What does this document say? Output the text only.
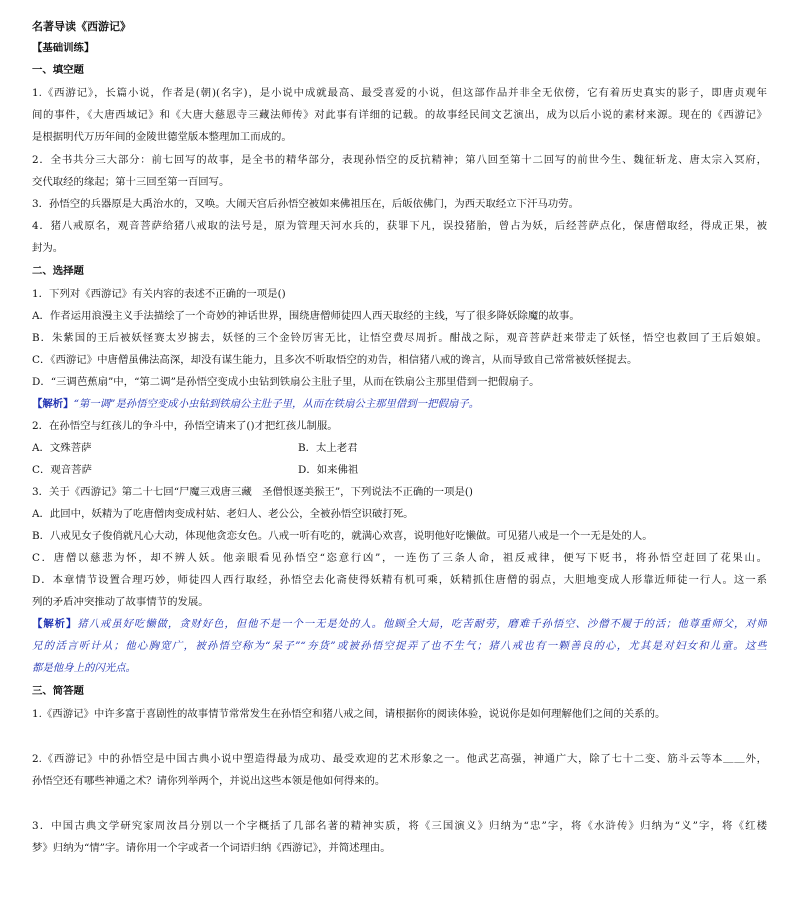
名著导读《西游记》
【基础训练】
一、填空题
1.《西游记》，长篇小说，作者是(朝)(名字)，是小说中成就最高、最受喜爱的小说，但这部作品并非全无依傍，它有着历史真实的影子，即唐贞观年
间的事件，《大唐西域记》和《大唐大慈恩寺三藏法师传》对此事有详细的记载。的故事经民间文艺演出，成为以后小说的素材来源。现在的《西游记》
是根据明代万历年间的金陵世德堂版本整理加工而成的。
2．全书共分三大部分：前七回写的故事，是全书的精华部分，表现孙悟空的反抗精神；第八回至第十二回写的前世今生、魏征斩龙、唐太宗入冥府，
交代取经的缘起；第十三回至第一百回写。
3．孙悟空的兵器原是大禹治水的，又唤。大闹天宫后孙悟空被如来佛祖压在，后皈依佛门，为西天取经立下汗马功劳。
4．猪八戒原名，观音菩萨给猪八戒取的法号是，原为管理天河水兵的，获罪下凡，误投猪胎，曾占为妖，后经菩萨点化，保唐僧取经，得成正果，被
封为。
二、选择题
1．下列对《西游记》有关内容的表述不正确的一项是()
A．作者运用浪漫主义手法描绘了一个奇妙的神话世界，围绕唐僧师徒四人西天取经的主线，写了很多降妖除魔的故事。
B．朱紫国的王后被妖怪赛太岁掳去，妖怪的三个金铃厉害无比，让悟空费尽周折。酣战之际，观音菩萨赶来带走了妖怪，悟空也救回了王后娘娘。
C．《西游记》中唐僧虽佛法高深，却没有谋生能力，且多次不听取悟空的劝告，相信猪八戒的谗言，从而导致自己常常被妖怪捉去。
D．“三调芭蕉扇”中，“第二调”是孙悟空变成小虫钻到铁扇公主肚子里，从而在铁扇公主那里借到一把假扇子。
【解析】“第一调”是孙悟空变成小虫钻到铁扇公主肚子里，从而在铁扇公主那里借到一把假扇子。
2．在孙悟空与红孩儿的争斗中，孙悟空请来了()才把红孩儿制服。
A．文殊菩萨	B．太上老君
C．观音菩萨	D．如来佛祖
3．关于《西游记》第二十七回“尸魔三戏唐三藏　圣僧恨逐美猴王”，下列说法不正确的一项是()
A．此回中，妖精为了吃唐僧肉变成村姑、老妇人、老公公，全被孙悟空识破打死。
B．八戒见女子俊俏就凡心大动，体现他贪恋女色。八戒一听有吃的，就满心欢喜，说明他好吃懒做。可见猪八戒是一个一无是处的人。
C．唐僧以慈悲为怀，却不辨人妖。他亲眼看见孙悟空“恣意行凶”，一连伤了三条人命，祖反戒律，便写下贬书，将孙悟空赶回了花果山。
D．本章情节设置合理巧妙，师徒四人西行取经，孙悟空去化斋使得妖精有机可乘，妖精抓住唐僧的弱点，大胆地变成人形靠近师徒一行人。这一系
列的矛盾冲突推动了故事情节的发展。
【解析】猪八戒虽好吃懒做，贪财好色，但他不是一个一无是处的人。他顾全大局，吃苦耐劳，磨难千孙悟空、沙僧不履于的活；他尊重师父，对师
兄的活言听计从；他心胸宽广，被孙悟空称为“呆子”“夯货”或被孙悟空捉弄了也不生气；猪八戒也有一颗善良的心，尤其是对妇女和儿童。这些
都是他身上的闪光点。
三、简答题
1.《西游记》中许多富于喜剧性的故事情节常常发生在孙悟空和猪八戒之间，请根据你的阅读体验，说说你是如何理解他们之间的关系的。
2.《西游记》中的孙悟空是中国古典小说中塑造得最为成功、最受欢迎的艺术形象之一。他武艺高强，神通广大，除了七十二变、筋斗云等本＿＿外，
孙悟空还有哪些神通之术？请你列举两个，并说出这些本领是他如何得来的。
3．中国古典文学研究家周汝昌分别以一个字概括了几部名著的精神实质，将《三国演义》归纳为“忠”字，将《水浒传》归纳为“义”字，将《红楼
梦》归纳为“情”字。请你用一个字或者一个词语归纳《西游记》，并简述理由。
